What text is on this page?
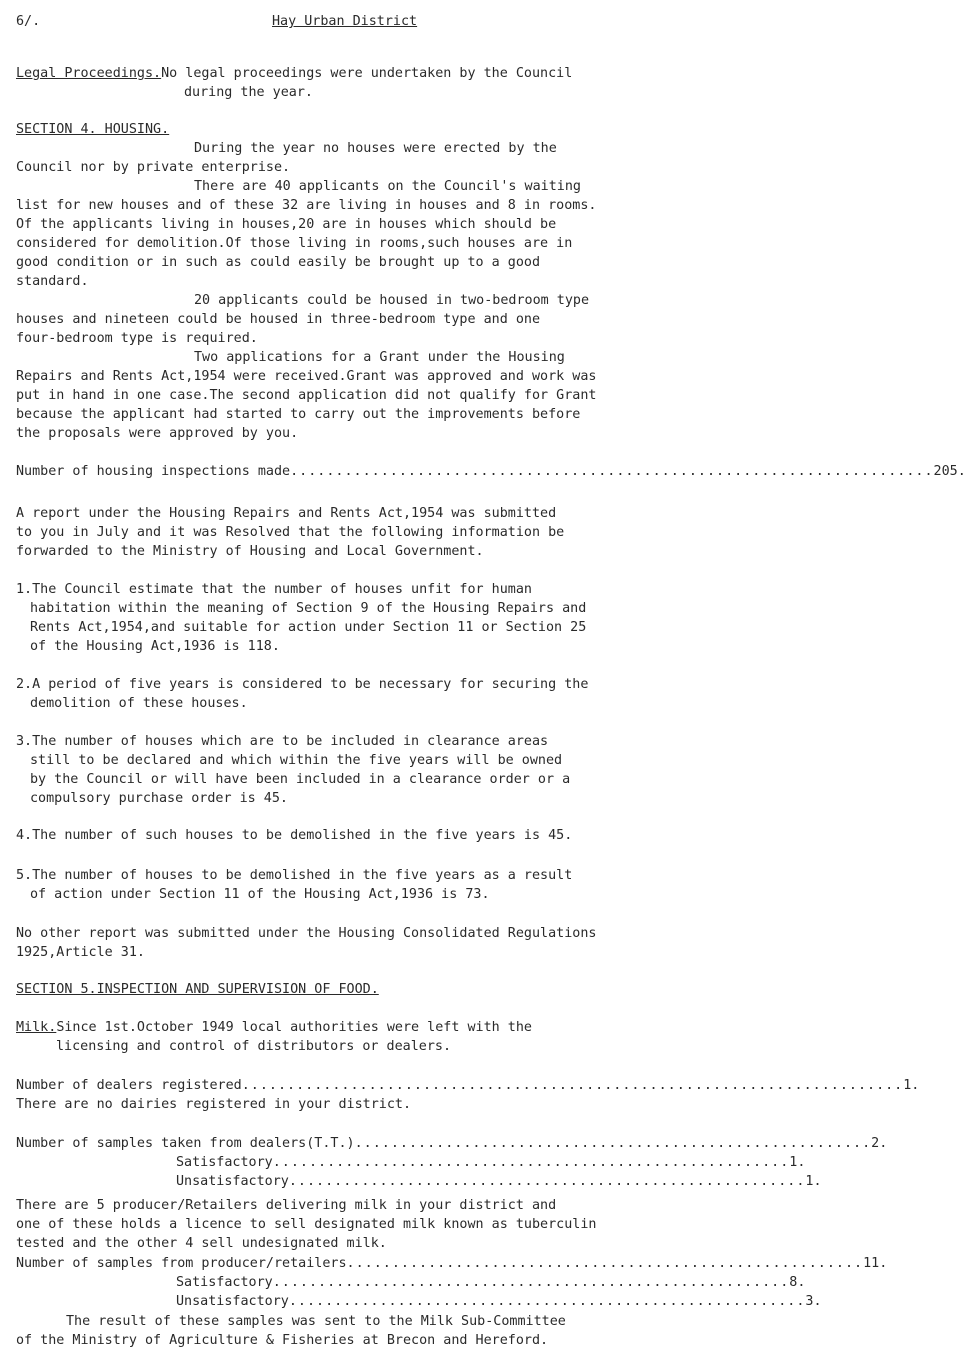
6/.	Hay Urban District

Legal Proceedings.No legal proceedings were undertaken by the Council

during the year.

SECTION 4. HOUSING.

During the year no houses were erected by the

Council nor by private enterprise.

There are 40 applicants on the Council's waiting

list for new houses and of these 32 are living in houses and 8 in rooms.

Of the applicants living in houses,20 are in houses which should be

considered for demolition.Of those living in rooms,such houses are in

good condition or in such as could easily be brought up to a good

standard.

20 applicants could be housed in two-bedroom type

houses and nineteen could be housed in three-bedroom type and one

four-bedroom type is required.

Two applications for a Grant under the Housing

Repairs and Rents Act,1954 were received.Grant was approved and work was

put in hand in one case.The second application did not qualify for Grant

because the applicant had started to carry out the improvements before

the proposals were approved by you.

Number of housing inspections made ....................................................................... 205.

A report under the Housing Repairs and Rents Act,1954 was submitted

to you in July and it was Resolved that the following information be

forwarded to the Ministry of Housing and Local Government.

1.The Council estimate that the number of houses unfit for human

habitation within the meaning of Section 9 of the Housing Repairs and

Rents Act,1954,and suitable for action under Section 11 or Section 25

of the Housing Act,1936 is 118.

2.A period of five years is considered to be necessary for securing the

demolition of these houses.

3.The number of houses which are to be included in clearance areas

still to be declared and which within the five years will be owned

by the Council or will have been included in a clearance order or a

compulsory purchase order is 45.

4.The number of such houses to be demolished in the five years is 45.

5.The number of houses to be demolished in the five years as a result

of action under Section 11 of the Housing Act,1936 is 73.

No other report was submitted under the Housing Consolidated Regulations

1925,Article 31.

SECTION 5.INSPECTION AND SUPERVISION OF FOOD.

Milk.Since 1st.October 1949 local authorities were left with the

licensing and control of distributors or dealers.

Number of dealers registered ......................................................................... 1.

There are no dairies registered in your district.

Number of samples taken from dealers(T.T.) ......................................................... 2.
Satisfactory ......................................................... 1.
Unsatisfactory ......................................................... 1.

There are 5 producer/Retailers delivering milk in your district and

one of these holds a licence to sell designated milk known as tuberculin

tested and the other 4 sell undesignated milk.

Number of samples from producer/retailers ......................................................... 11.
Satisfactory ......................................................... 8.
Unsatisfactory ......................................................... 3.

The result of these samples was sent to the Milk Sub-Committee

of the Ministry of Agriculture & Fisheries at Brecon and Hereford.
